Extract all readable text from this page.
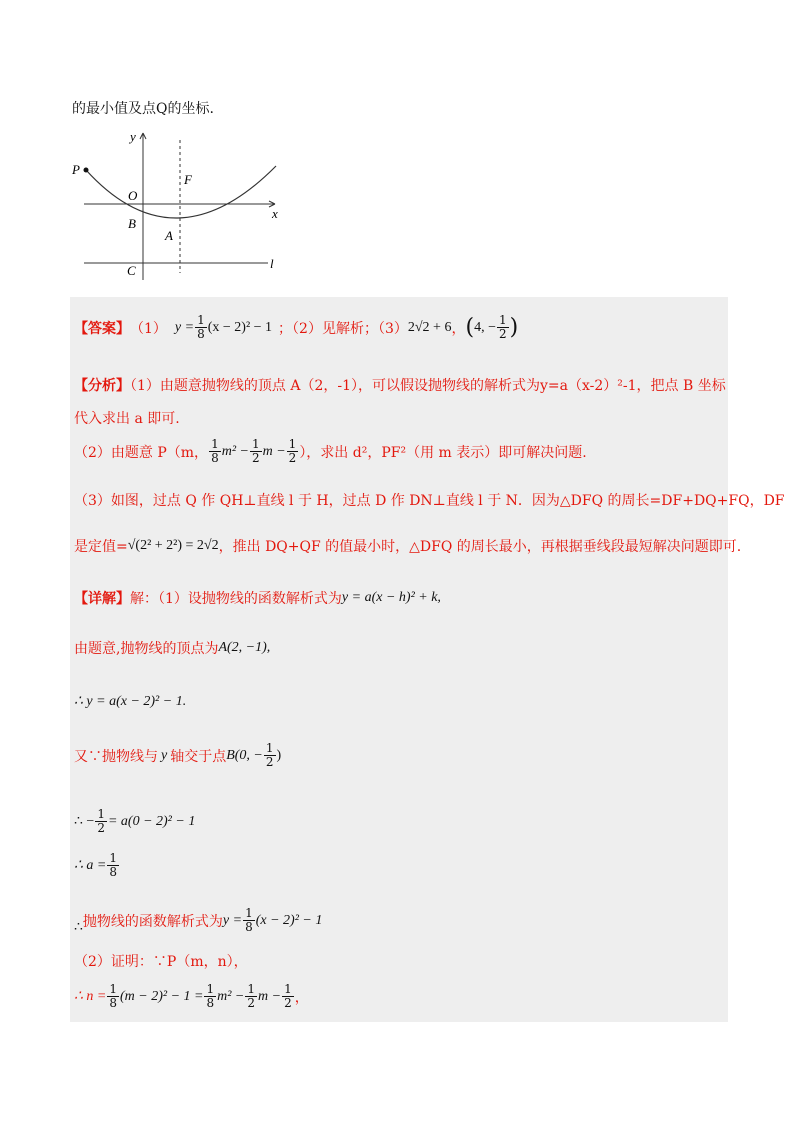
的最小值及点Q的坐标.
y
x
P
O
F
B
A
C	l
【答案】 （1） $y = \frac{1}{8} (x - 2)^2 - 1$ ；（2）见解析；（3） 2√2 + 6 ， ( 4, − $\frac{1}{2}$ )
【分析】（1）由题意抛物线的顶点 A（2，-1），可以假设抛物线的解析式为y=a（x-2）²-1，把点 B 坐标
代入求出 a 即可.
（2）由题意 P（m， $\frac{1}{8} m^2 - \frac{1}{2}$ $m - \frac{1}{2}$ ），求出 d²，PF²（用 m 表示）即可解决问题.
（3）如图，过点 Q 作 QH⊥直线 l 于 H，过点 D 作 DN⊥直线 l 于 N．因为△DFQ 的周长=DF+DQ+FQ，DF
是定值= √(2² + 2²) = 2√2 ，推出 DQ+QF 的值最小时，△DFQ 的周长最小，再根据垂线段最短解决问题即可.
【详解】 解：（1）设抛物线的函数解析式为 y = a(x − h)² + k,
由题意,抛物线的顶点为 A(2, −1),
∴ y = a(x − 2)² − 1.
又∵抛物线与 y 轴交于点 B(0, − $\frac{1}{2}$ )
∴ − $\frac{1}{2} = a(0 - 2)^2 - 1$
∴ $a = \frac{1}{8}$
∴ 抛物线的函数解析式为 $y = \frac{1}{8} (x - 2)^2 - 1$
（2）证明：∵P（m，n），
∴ $n = \frac{1}{8} (m - 2)^2 - 1 = \frac{1}{8} m^2 - \frac{1}{2}$ $m - \frac{1}{2}$ ，
